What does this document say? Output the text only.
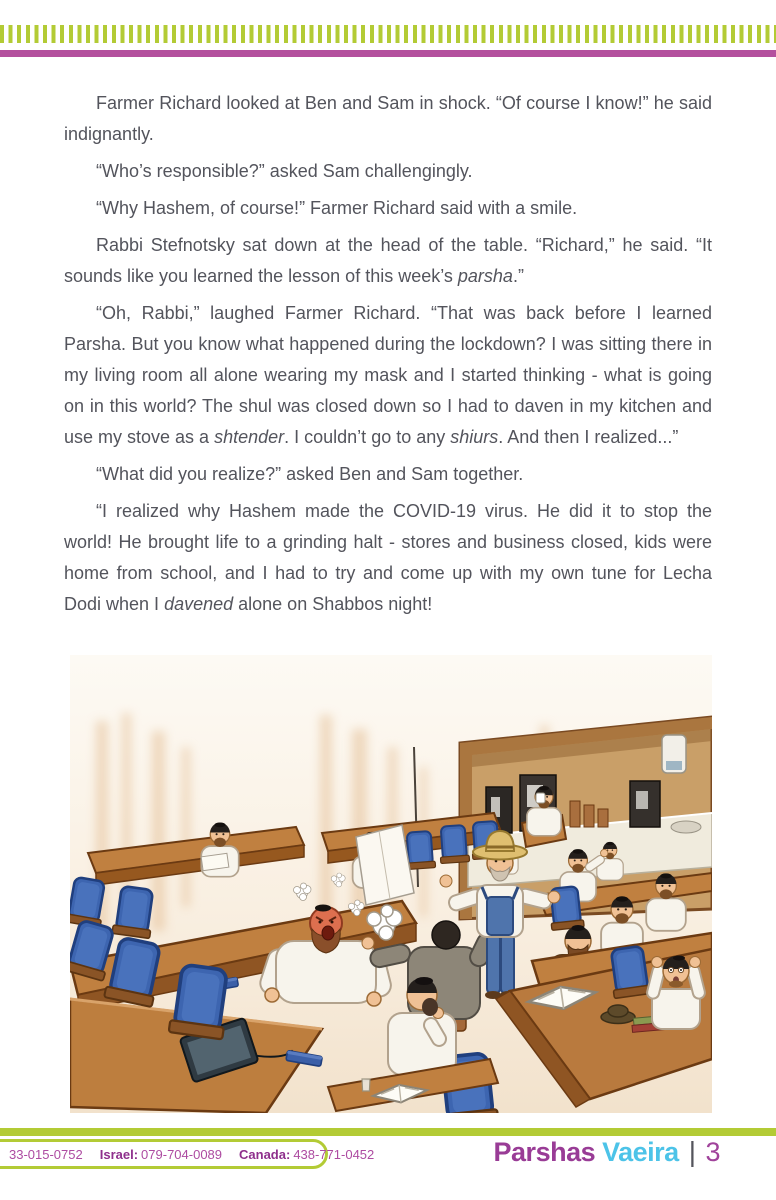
Farmer Richard looked at Ben and Sam in shock. “Of course I know!” he said indignantly.

“Who’s responsible?” asked Sam challengingly.

“Why Hashem, of course!” Farmer Richard said with a smile.

Rabbi Stefnotsky sat down at the head of the table. “Richard,” he said. “It sounds like you learned the lesson of this week’s parsha.”

“Oh, Rabbi,” laughed Farmer Richard. “That was back before I learned Parsha. But you know what happened during the lockdown? I was sitting there in my living room all alone wearing my mask and I started thinking - what is going on in this world? The shul was closed down so I had to daven in my kitchen and use my stove as a shtender. I couldn’t go to any shiurs. And then I realized...”

“What did you realize?” asked Ben and Sam together.

“I realized why Hashem made the COVID-19 virus. He did it to stop the world! He brought life to a grinding halt - stores and business closed, kids were home from school, and I had to try and come up with my own tune for Lecha Dodi when I davened alone on Shabbos night!

33-015-0752 Israel: 079-704-0089 Canada: 438-771-0452	Parshas Vaeira | 3
